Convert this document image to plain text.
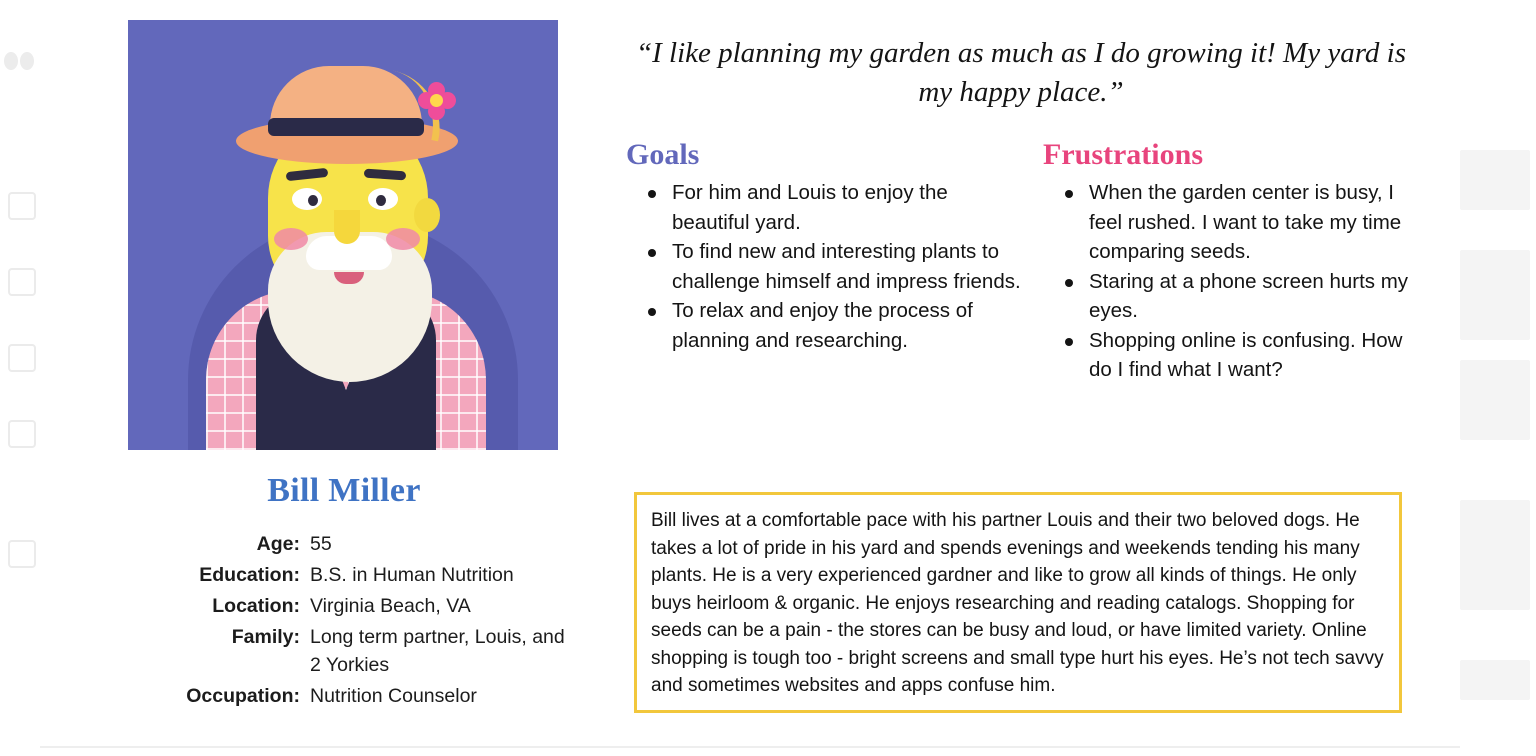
Bill Miller
Age: 55
Education: B.S. in Human Nutrition
Location: Virginia Beach, VA
Family: Long term partner, Louis, and 2 Yorkies
Occupation: Nutrition Counselor
“I like planning my garden as much as I do growing it! My yard is my happy place.”
Goals
For him and Louis to enjoy the beautiful yard.
To find new and interesting plants to challenge himself and impress friends.
To relax and enjoy the process of planning and researching.
Frustrations
When the garden center is busy, I feel rushed. I want to take my time comparing seeds.
Staring at a phone screen hurts my eyes.
Shopping online is confusing. How do I find what I want?
Bill lives at a comfortable pace with his partner Louis and their two beloved dogs. He takes a lot of pride in his yard and spends evenings and weekends tending his many plants. He is a very experienced gardner and like to grow all kinds of things. He only buys heirloom & organic. He enjoys researching and reading catalogs. Shopping for seeds can be a pain - the stores can be busy and loud, or have limited variety. Online shopping is tough too - bright screens and small type hurt his eyes. He’s not tech savvy and sometimes websites and apps confuse him.
